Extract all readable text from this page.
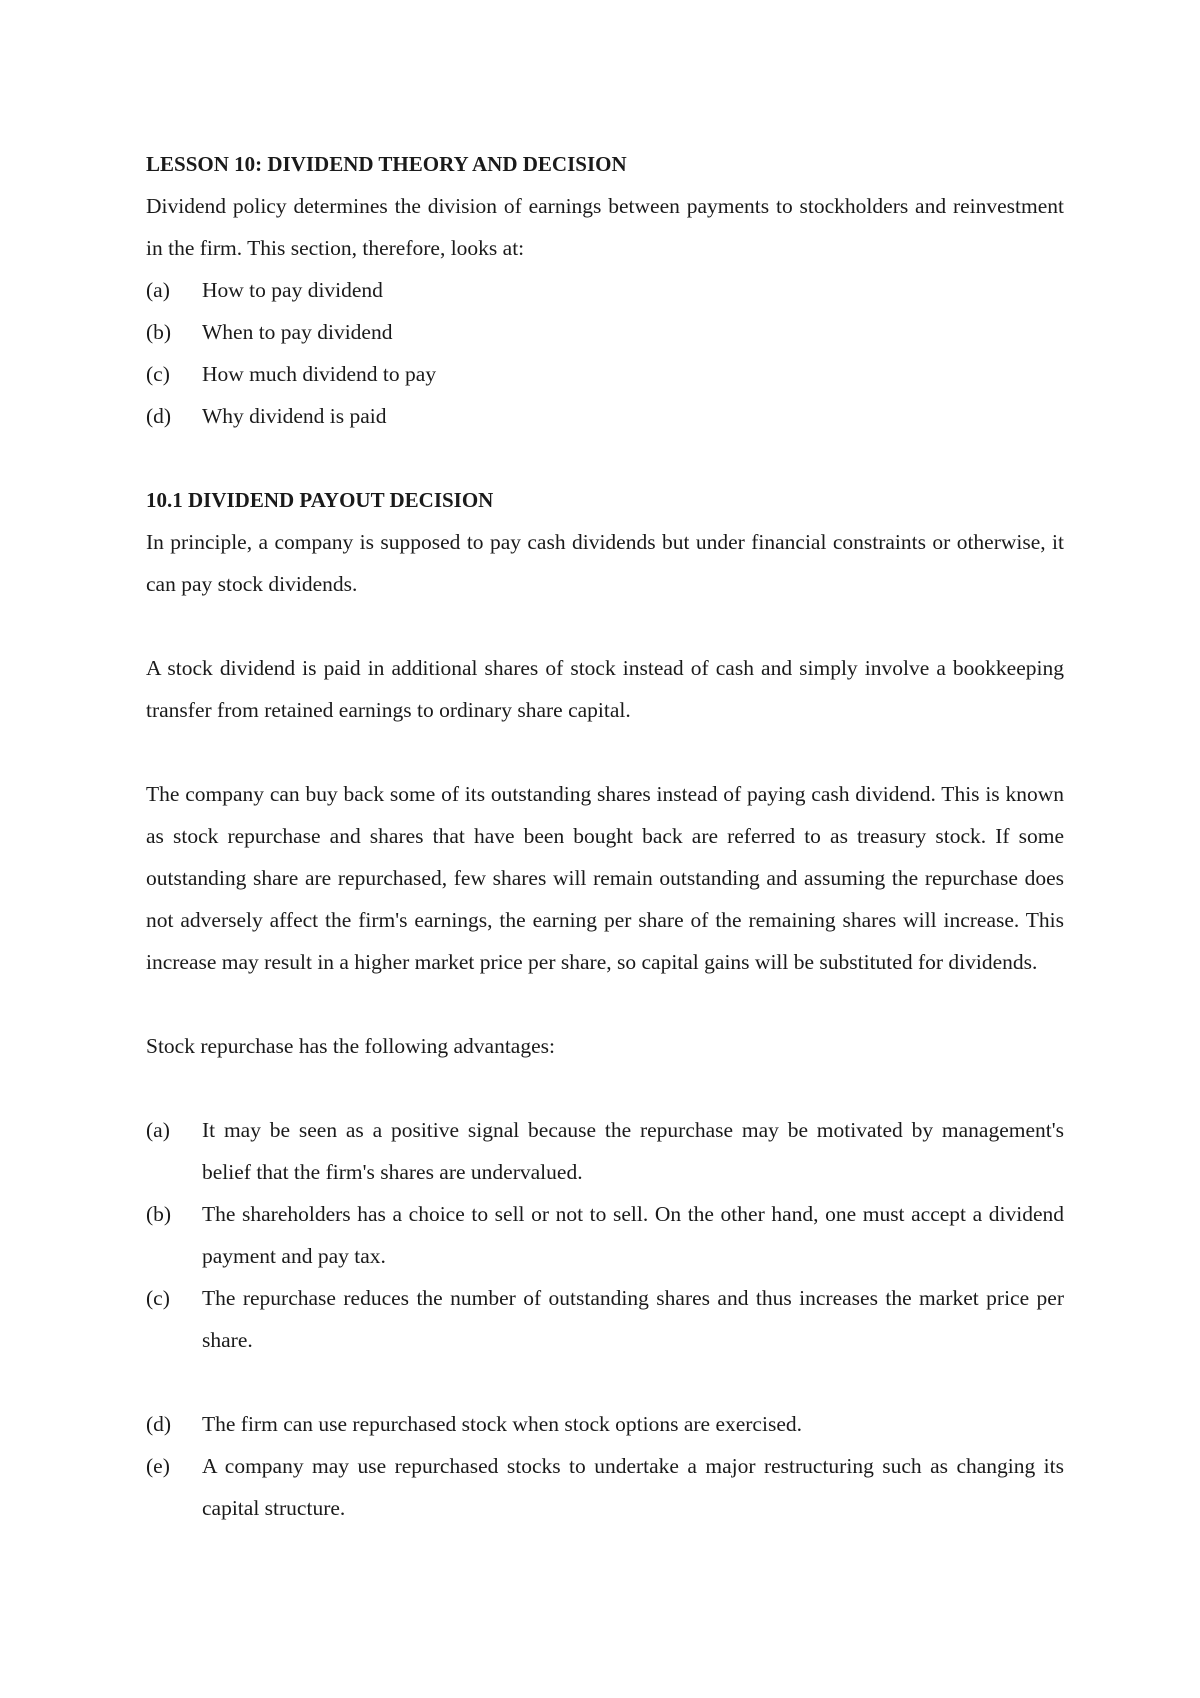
LESSON 10: DIVIDEND THEORY AND DECISION

Dividend policy determines the division of earnings between payments to stockholders and reinvestment in the firm. This section, therefore, looks at:

(a)	How to pay dividend
(b)	When to pay dividend
(c)	How much dividend to pay
(d)	Why dividend is paid
10.1 DIVIDEND PAYOUT DECISION

In principle, a company is supposed to pay cash dividends but under financial constraints or otherwise, it can pay stock dividends.

A stock dividend is paid in additional shares of stock instead of cash and simply involve a bookkeeping transfer from retained earnings to ordinary share capital.

The company can buy back some of its outstanding shares instead of paying cash dividend. This is known as stock repurchase and shares that have been bought back are referred to as treasury stock. If some outstanding share are repurchased, few shares will remain outstanding and assuming the repurchase does not adversely affect the firm's earnings, the earning per share of the remaining shares will increase. This increase may result in a higher market price per share, so capital gains will be substituted for dividends.

Stock repurchase has the following advantages:

(a)	It may be seen as a positive signal because the repurchase may be motivated by management's belief that the firm's shares are undervalued.
(b)	The shareholders has a choice to sell or not to sell. On the other hand, one must accept a dividend payment and pay tax.
(c)	The repurchase reduces the number of outstanding shares and thus increases the market price per share.
(d)	The firm can use repurchased stock when stock options are exercised.
(e)	A company may use repurchased stocks to undertake a major restructuring such as changing its capital structure.
